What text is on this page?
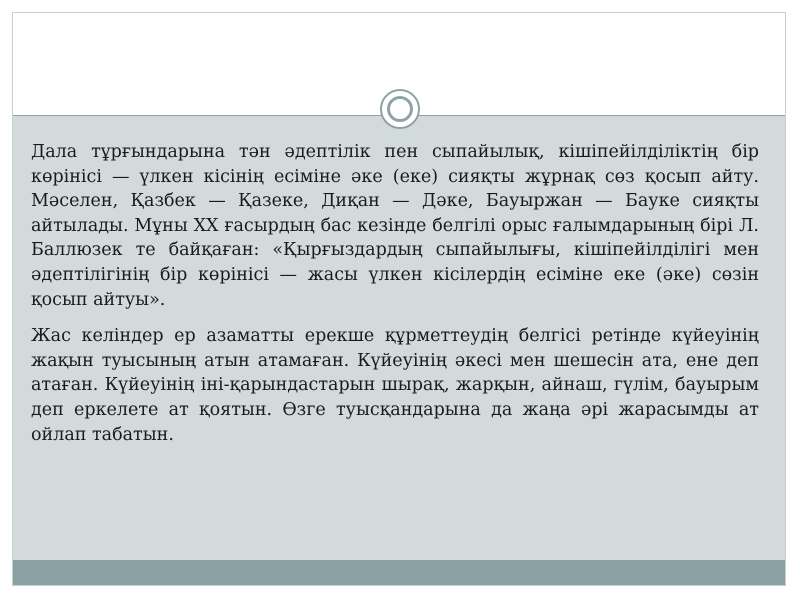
Дала тұрғындарына тән әдептілік пен сыпайылық, кішіпейілділіктің бір көрінісі — үлкен кісінің есіміне әке (еке) сияқты жұрнақ сөз қосып айту. Мәселен, Қазбек — Қазеке, Диқан — Дәке, Бауыржан — Бауке сияқты айтылады. Мұны XX ғасырдың бас кезінде белгілі орыс ғалымдарының бірі Л. Баллюзек те байқаған: «Қырғыздардың сыпайылығы, кішіпейілділігі мен әдептілігінің бір көрінісі — жасы үлкен кісілердің есіміне еке (әке) сөзін қосып айтуы».

Жас келіндер ер азаматты ерекше құрметтеудің белгісі ретінде күйеуінің жақын туысының атын атамаған. Күйеуінің әкесі мен шешесін ата, ене деп атаған. Күйеуінің іні-қарындастарын шырақ, жарқын, айнаш, гүлім, бауырым деп еркелете ат қоятын. Өзге туысқандарына да жаңа әрі жарасымды ат ойлап табатын.
